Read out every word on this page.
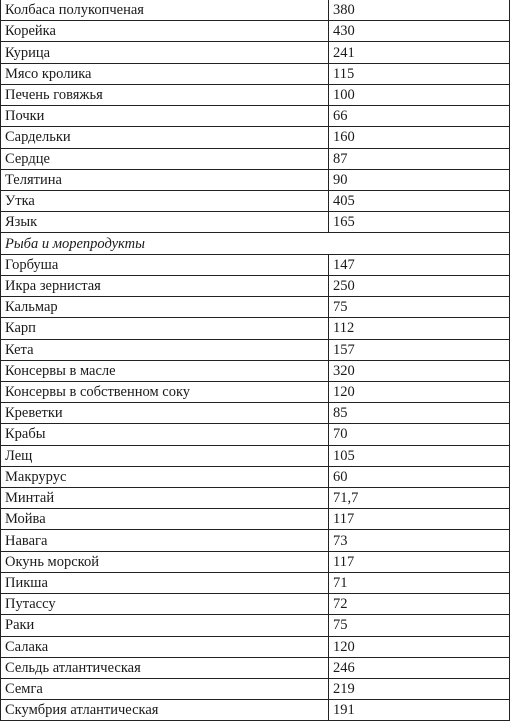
Колбаса полукопченая	380
Корейка	430
Курица	241
Мясо кролика	115
Печень говяжья	100
Почки	66
Сардельки	160
Сердце	87
Телятина	90
Утка	405
Язык	165
Рыба и морепродукты	
Горбуша	147
Икра зернистая	250
Кальмар	75
Карп	112
Кета	157
Консервы в масле	320
Консервы в собственном соку	120
Креветки	85
Крабы	70
Лещ	105
Макрурус	60
Минтай	71,7
Мойва	117
Навага	73
Окунь морской	117
Пикша	71
Путассу	72
Раки	75
Салака	120
Сельдь атлантическая	246
Семга	219
Скумбрия атлантическая	191
